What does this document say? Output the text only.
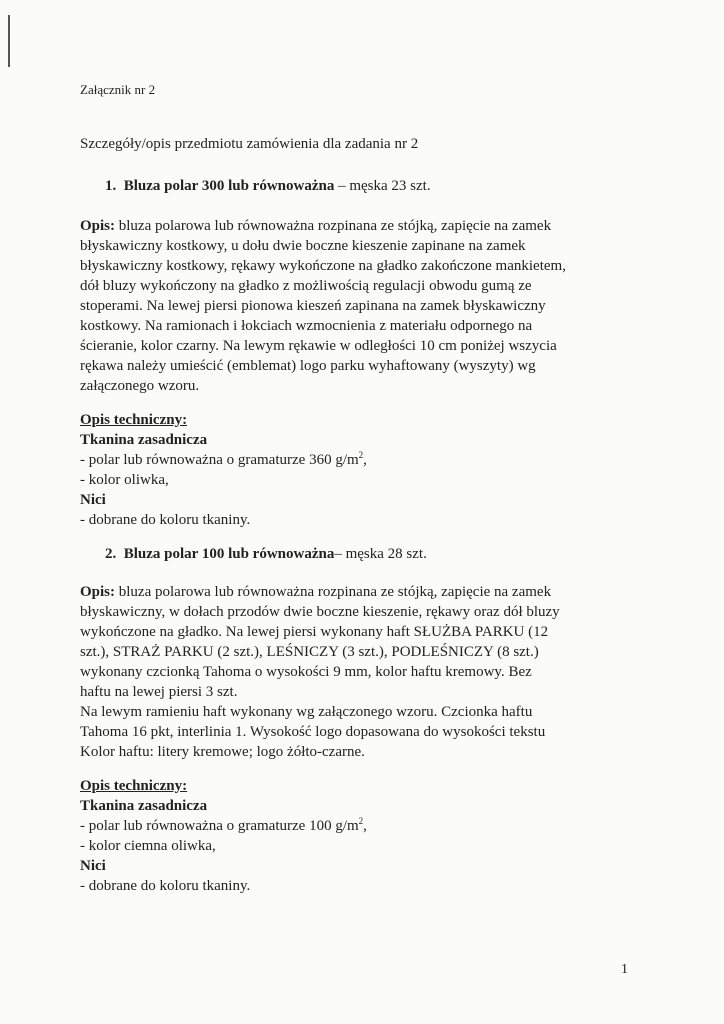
Załącznik nr 2
Szczegóły/opis przedmiotu zamówienia dla zadania nr 2
1. Bluza polar 300 lub równoważna – męska 23 szt.

Opis: bluza polarowa lub równoważna rozpinana ze stójką, zapięcie na zamek

błyskawiczny kostkowy, u dołu dwie boczne kieszenie zapinane na zamek

błyskawiczny kostkowy, rękawy wykończone na gładko zakończone mankietem,

dół bluzy wykończony na gładko z możliwością regulacji obwodu gumą ze

stoperami. Na lewej piersi pionowa kieszeń zapinana na zamek błyskawiczny

kostkowy. Na ramionach i łokciach wzmocnienia z materiału odpornego na

ścieranie, kolor czarny. Na lewym rękawie w odległości 10 cm poniżej wszycia

rękawa należy umieścić (emblemat) logo parku wyhaftowany (wyszyty) wg

załączonego wzoru.

Opis techniczny:

Tkanina zasadnicza

- polar lub równoważna o gramaturze 360 $g/m^2$,

- kolor oliwka,

Nici

- dobrane do koloru tkaniny.

2. Bluza polar 100 lub równoważna– męska 28 szt.

Opis: bluza polarowa lub równoważna rozpinana ze stójką, zapięcie na zamek

błyskawiczny, w dołach przodów dwie boczne kieszenie, rękawy oraz dół bluzy

wykończone na gładko. Na lewej piersi wykonany haft SŁUŻBA PARKU (12

szt.), STRAŻ PARKU (2 szt.), LEŚNICZY (3 szt.), PODLEŚNICZY (8 szt.)

wykonany czcionką Tahoma o wysokości 9 mm, kolor haftu kremowy. Bez

haftu na lewej piersi 3 szt.

Na lewym ramieniu haft wykonany wg załączonego wzoru. Czcionka haftu

Tahoma 16 pkt, interlinia 1. Wysokość logo dopasowana do wysokości tekstu

Kolor haftu: litery kremowe; logo żółto-czarne.

Opis techniczny:

Tkanina zasadnicza

- polar lub równoważna o gramaturze 100 $g/m^2$,

- kolor ciemna oliwka,

Nici

- dobrane do koloru tkaniny.

1
